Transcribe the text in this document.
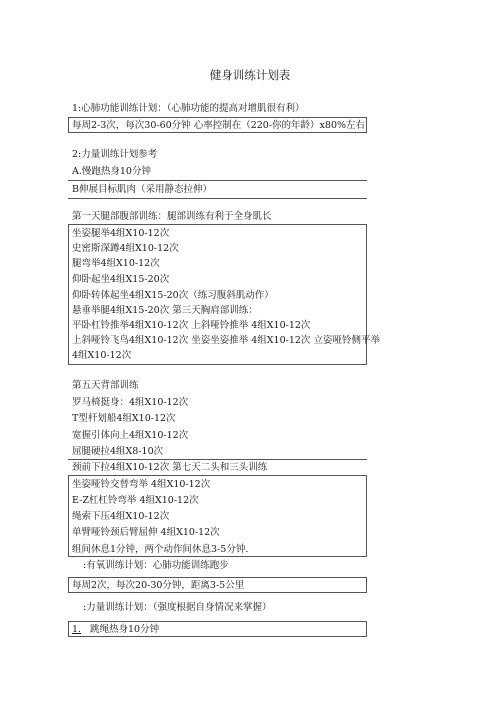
健身训练计划表
1:心肺功能训练计划：（心肺功能的提高对增肌很有利）
每周2-3次，每次30-60分钟 心率控制在（220-你的年龄）x80%左右
2:力量训练计划参考
A.慢跑热身10分钟
B伸展目标肌肉（采用静态拉伸）
第一天腿部腹部训练：腿部训练有利于全身肌长
坐姿腿举4组X10-12次
史密斯深蹲4组X10-12次
腿弯举4组X10-12次
仰卧起坐4组X15-20次
仰卧转体起坐4组X15-20次（练习腹斜肌动作）
悬垂举腿4组X15-20次 第三天胸肩部训练：
平卧杠铃推举4组X10-12次 上斜哑铃推举 4组X10-12次
上斜哑铃飞鸟4组X10-12次 坐姿坐姿推举 4组X10-12次 立姿哑铃侧平举
4组X10-12次
第五天背部训练
罗马椅挺身：4组X10-12次
T型杆划船4组X10-12次
宽握引体向上4组X10-12次
屈腿硬拉4组X8-10次
颈前下拉4组X10-12次 第七天二头和三头训练
坐姿哑铃交替弯举 4组X10-12次
E-Z杠杠铃弯举 4组X10-12次
绳索下压4组X10-12次
单臂哑铃颈后臂屈伸 4组X10-12次
组间休息1分钟，两个动作间休息3-5分钟.
:有氧训练计划：心肺功能训练跑步
每周2次，每次20-30分钟，距离3-5公里
:力量训练计划：（强度根据自身情况来掌握）
1. 跳绳热身10分钟
